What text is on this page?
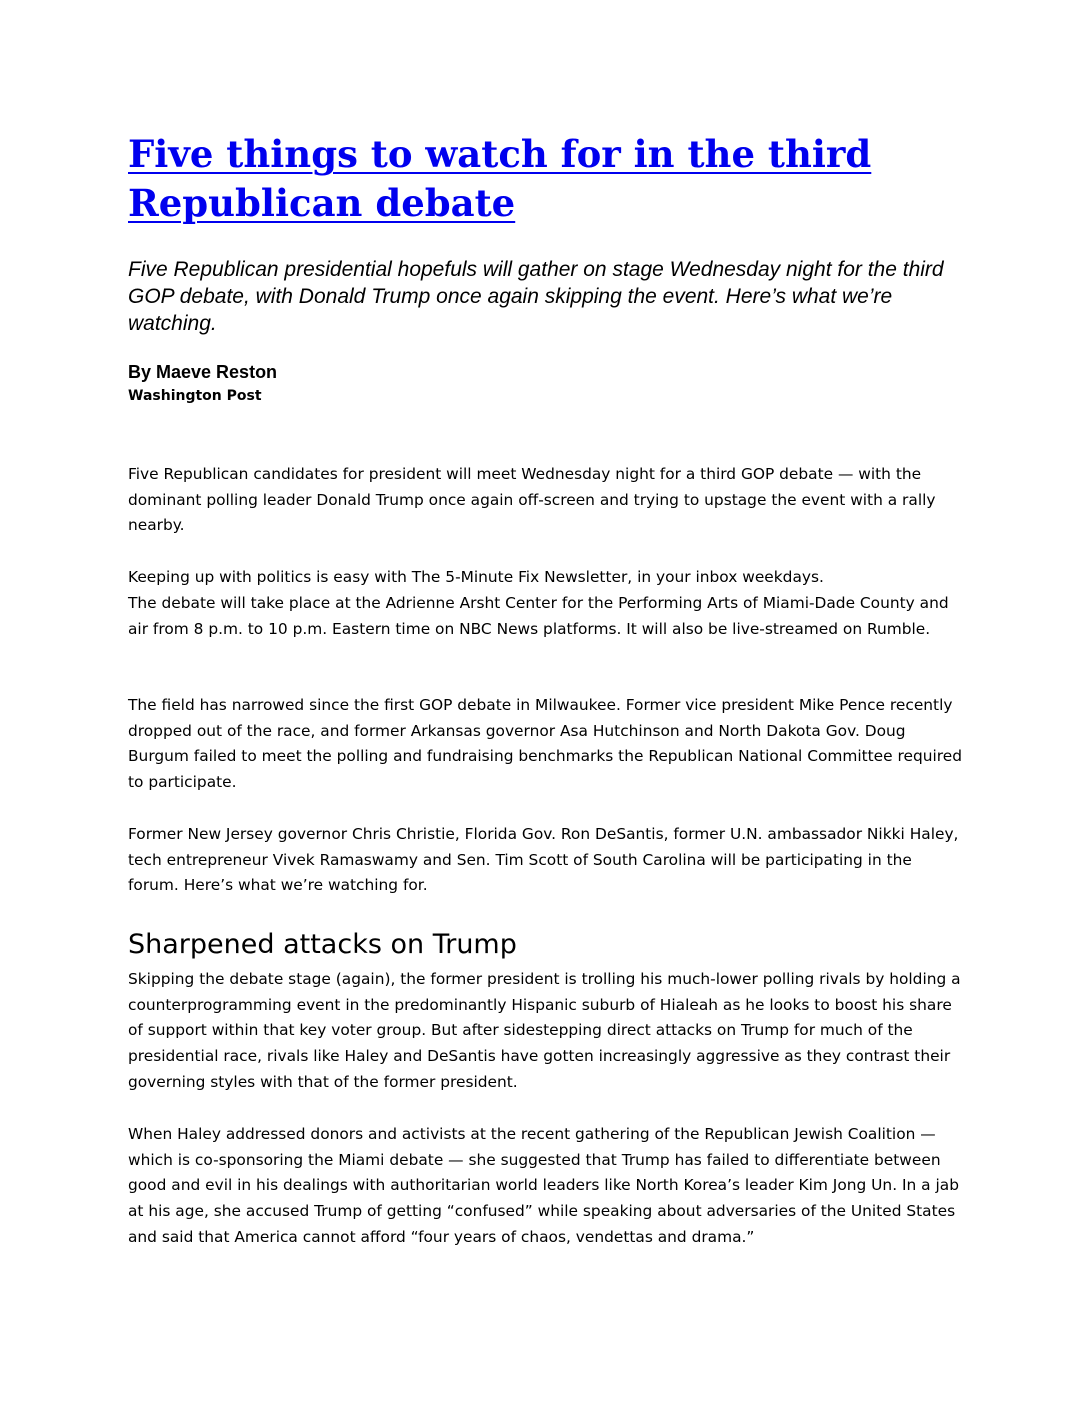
Five things to watch for in the third Republican debate

Five Republican presidential hopefuls will gather on stage Wednesday night for the third GOP debate, with Donald Trump once again skipping the event. Here’s what we’re watching.

By Maeve Reston

Washington Post

Five Republican candidates for president will meet Wednesday night for a third GOP debate — with the dominant polling leader Donald Trump once again off-screen and trying to upstage the event with a rally nearby.

Keeping up with politics is easy with The 5-Minute Fix Newsletter, in your inbox weekdays.

The debate will take place at the Adrienne Arsht Center for the Performing Arts of Miami-Dade County and air from 8 p.m. to 10 p.m. Eastern time on NBC News platforms. It will also be live-streamed on Rumble.

The field has narrowed since the first GOP debate in Milwaukee. Former vice president Mike Pence recently dropped out of the race, and former Arkansas governor Asa Hutchinson and North Dakota Gov. Doug Burgum failed to meet the polling and fundraising benchmarks the Republican National Committee required to participate.

Former New Jersey governor Chris Christie, Florida Gov. Ron DeSantis, former U.N. ambassador Nikki Haley, tech entrepreneur Vivek Ramaswamy and Sen. Tim Scott of South Carolina will be participating in the forum. Here’s what we’re watching for.

Sharpened attacks on Trump

Skipping the debate stage (again), the former president is trolling his much-lower polling rivals by holding a counterprogramming event in the predominantly Hispanic suburb of Hialeah as he looks to boost his share of support within that key voter group. But after sidestepping direct attacks on Trump for much of the presidential race, rivals like Haley and DeSantis have gotten increasingly aggressive as they contrast their governing styles with that of the former president.

When Haley addressed donors and activists at the recent gathering of the Republican Jewish Coalition — which is co-sponsoring the Miami debate — she suggested that Trump has failed to differentiate between good and evil in his dealings with authoritarian world leaders like North Korea’s leader Kim Jong Un. In a jab at his age, she accused Trump of getting “confused” while speaking about adversaries of the United States and said that America cannot afford “four years of chaos, vendettas and drama.”
